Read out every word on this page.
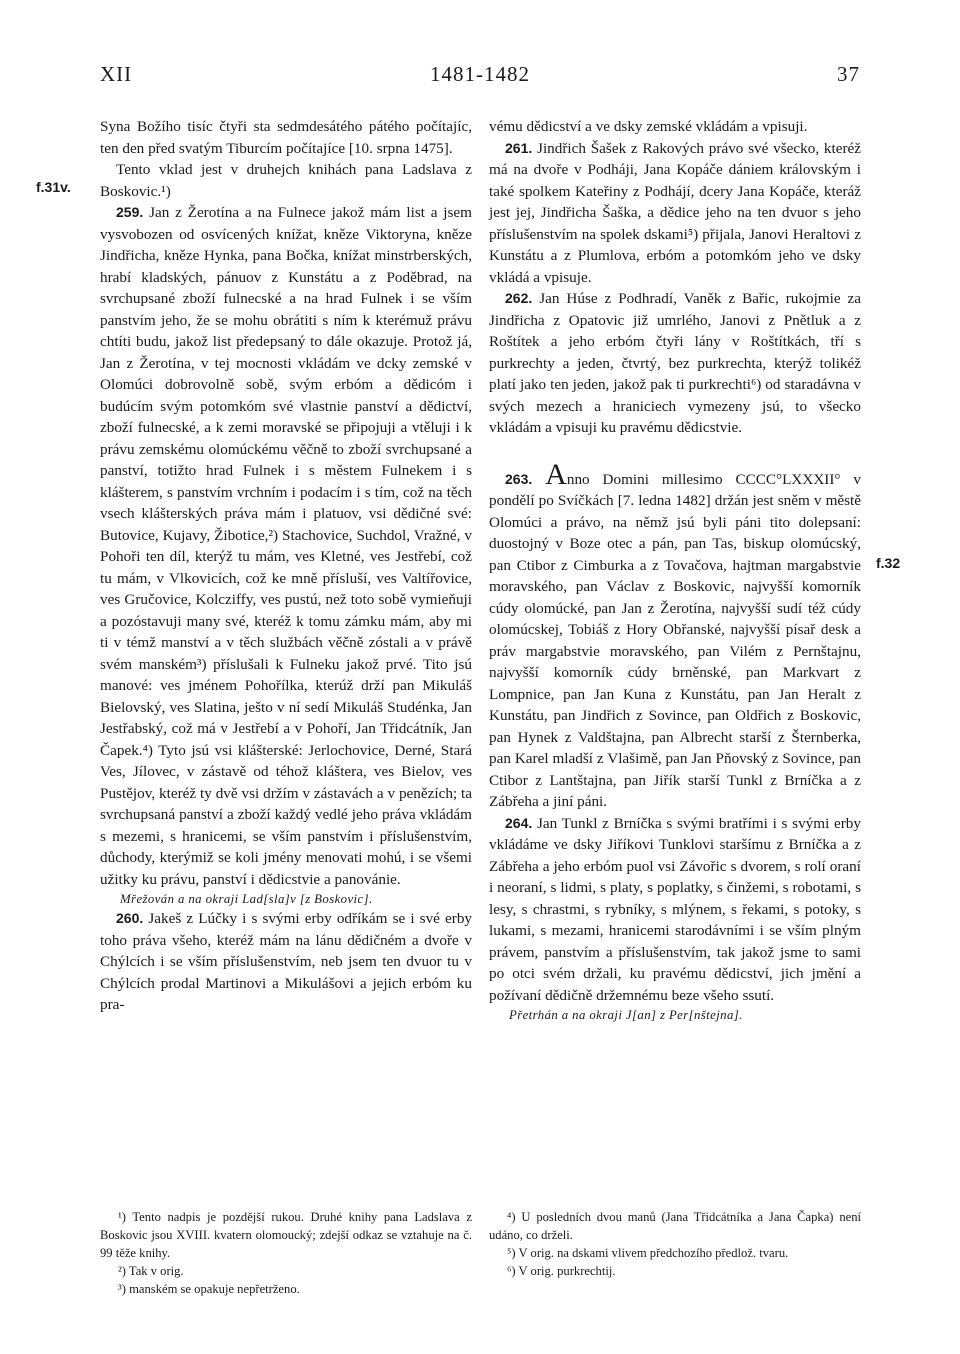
XII	1481-1482	37
f.31v.
f.32

Syna Božího tisíc čtyři sta sedmdesátého pátého počítajíc, ten den před svatým Tiburcím počítajíce [10. srpna 1475].

Tento vklad jest v druhejch knihách pana Ladslava z Boskovic.¹)

259. Jan z Žerotína a na Fulnece jakož mám list a jsem vysvobozen od osvícených knížat, kněze Viktoryna, kněze Jindřicha, kněze Hynka, pana Bočka, knížat minstrberských, hrabí kladských, pánuov z Kunstátu a z Poděbrad, na svrchupsané zboží fulnecské a na hrad Fulnek i se vším panstvím jeho, že se mohu obrátiti s ním k kterémuž právu chtíti budu, jakož list předepsaný to dále okazuje. Protož já, Jan z Žerotína, v tej mocnosti vkládám ve dcky zemské v Olomúci dobrovolně sobě, svým erbóm a dědicóm i budúcím svým potomkóm své vlastnie panství a dědictví, zboží fulnecské, a k zemi moravské se připojuji a vtěluji i k právu zemskému olomúckému věčně to zboží svrchupsané a panství, totižto hrad Fulnek i s městem Fulnekem i s klášterem, s panstvím vrchním i podacím i s tím, což na těch vsech klášterských práva mám i platuov, vsi dědičné své: Butovice, Kujavy, Žibotice,²) Stachovice, Suchdol, Vražné, v Pohoři ten díl, kterýž tu mám, ves Kletné, ves Jestřebí, což tu mám, v Vlkovicích, což ke mně přísluší, ves Valtířovice, ves Gručovice, Kolcziffy, ves pustú, než toto sobě vymieňuji a pozóstavuji many své, kteréž k tomu zámku mám, aby mi ti v témž manství a v těch službách věčně zóstali a v právě svém manském³) příslušali k Fulneku jakož prvé. Tito jsú manové: ves jménem Pohořílka, kterúž drží pan Mikuláš Bielovský, ves Slatina, ješto v ní sedí Mikuláš Studénka, Jan Jestřabský, což má v Jestřebí a v Pohoří, Jan Třidcátník, Jan Čapek.⁴) Tyto jsú vsi klášterské: Jerlochovice, Derné, Stará Ves, Jílovec, v zástavě od téhož kláštera, ves Bielov, ves Pustějov, kteréž ty dvě vsi držím v zástavách a v penězích; ta svrchupsaná panství a zboží každý vedlé jeho práva vkládám s mezemi, s hranicemi, se vším panstvím i příslušenstvím, důchody, kterýmiž se koli jmény menovati mohú, i se všemi užitky ku právu, panství i dědicstvie a panovánie.

Mřežován a na okraji Lad[sla]v [z Boskovic].

260. Jakeš z Lúčky i s svými erby odříkám se i své erby toho práva všeho, kteréž mám na lánu dědičném a dvoře v Chýlcích i se vším příslušenstvím, neb jsem ten dvuor tu v Chýlcích prodal Martinovi a Mikulášovi a jejich erbóm ku pra-

vému dědicství a ve dsky zemské vkládám a vpisuji.

261. Jindřich Šašek z Rakových právo své všecko, kteréž má na dvoře v Podháji, Jana Kopáče dániem královským i také spolkem Kateřiny z Podhájí, dcery Jana Kopáče, kteráž jest jej, Jindřicha Šaška, a dědice jeho na ten dvuor s jeho příslušenstvím na spolek dskami⁵) přijala, Janovi Heraltovi z Kunstátu a z Plumlova, erbóm a potomkóm jeho ve dsky vkládá a vpisuje.

262. Jan Húse z Podhradí, Vaněk z Bařic, rukojmie za Jindřicha z Opatovic již umrlého, Janovi z Pnětluk a z Roštítek a jeho erbóm čtyři lány v Roštítkách, tří s purkrechty a jeden, čtvrtý, bez purkrechta, kterýž tolikéž platí jako ten jeden, jakož pak ti purkrechti⁶) od staradávna v svých mezech a hraniciech vymezeny jsú, to všecko vkládám a vpisuji ku pravému dědicstvie.

263. Anno Domini millesimo CCCC°LXXXII° v pondělí po Svíčkách [7. ledna 1482] držán jest sněm v městě Olomúci a právo, na němž jsú byli páni tito dolepsaní: duostojný v Boze otec a pán, pan Tas, biskup olomúcský, pan Ctibor z Cimburka a z Tovačova, hajtman margabstvie moravského, pan Václav z Boskovic, najvyšší komorník cúdy olomúcké, pan Jan z Žerotína, najvyšší sudí též cúdy olomúcskej, Tobiáš z Hory Obřanské, najvyšší písař desk a práv margabstvie moravského, pan Vilém z Pernštajnu, najvyšší komorník cúdy brněnské, pan Markvart z Lompnice, pan Jan Kuna z Kunstátu, pan Jan Heralt z Kunstátu, pan Jindřich z Sovince, pan Oldřich z Boskovic, pan Hynek z Valdštajna, pan Albrecht starší z Šternberka, pan Karel mladší z Vlašimě, pan Jan Pňovský z Sovince, pan Ctibor z Lantštajna, pan Jiřík starší Tunkl z Brníčka a z Zábřeha a jiní páni.

264. Jan Tunkl z Brníčka s svými bratřími i s svými erby vkládáme ve dsky Jiříkovi Tunklovi staršímu z Brníčka a z Zábřeha a jeho erbóm puol vsi Závořic s dvorem, s rolí oraní i neoraní, s lidmi, s platy, s poplatky, s činžemi, s robotami, s lesy, s chrastmi, s rybníky, s mlýnem, s řekami, s potoky, s lukami, s mezami, hranicemi starodávními i se vším plným právem, panstvím a příslušenstvím, tak jakož jsme to sami po otci svém držali, ku pravému dědicství, jich jmění a požívaní dědičně držemnému beze všeho ssutí.

Přetrhán a na okraji J[an] z Per[nštejna].

¹) Tento nadpis je pozdější rukou. Druhé knihy pana Ladslava z Boskovic jsou XVIII. kvatern olomoucký; zdejší odkaz se vztahuje na č. 99 těže knihy.

²) Tak v orig.

³) manském se opakuje nepřetrženo.

⁴) U posledních dvou manů (Jana Třidcátníka a Jana Čapka) není udáno, co drželi.

⁵) V orig. na dskami vlivem předchozího předlož. tvaru.

⁶) V orig. purkrechtij.
